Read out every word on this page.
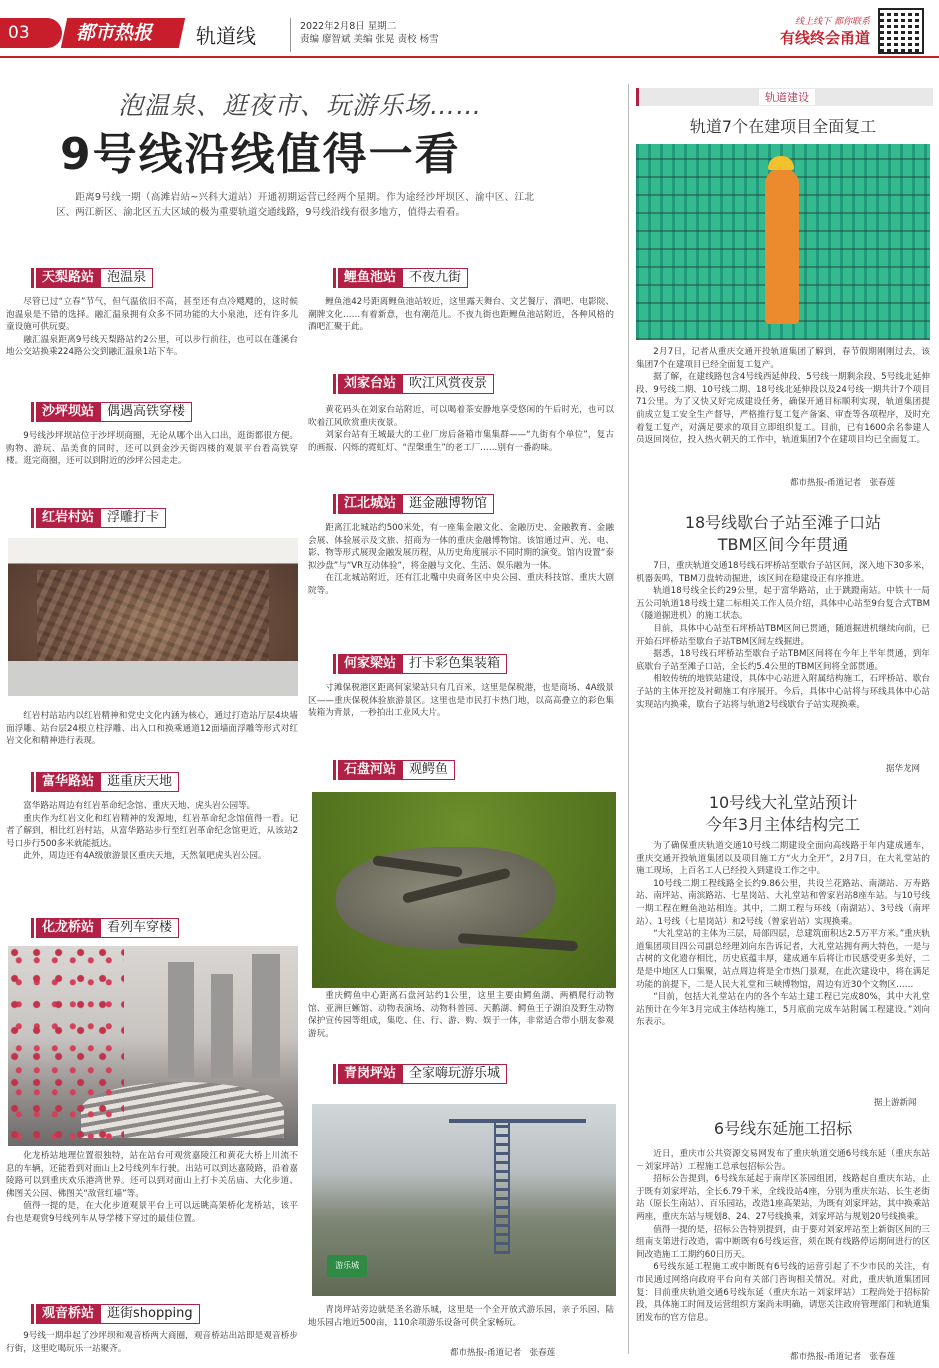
03	都市热报	轨道线	2022年2月8日 星期二
责编 廖智斌 美编 张晃 责校 杨雪
线上线下 都你联系
有线终会甬道
泡温泉、逛夜市、玩游乐场……
9号线沿线值得一看
距离9号线一期（高滩岩站~兴科大道站）开通初期运营已经两个星期。作为途经沙坪坝区、渝中区、江北区、两江新区、渝北区五大区域的极为重要轨道交通线路，9号线沿线有很多地方，值得去看看。
天梨路站	泡温泉

尽管已过“立春”节气，但气温依旧不高，甚至还有点冷飕飕的，这时候泡温泉是不错的选择。融汇温泉拥有众多不同功能的大小泉池，还有许多儿童设施可供玩耍。

融汇温泉距离9号线天梨路站约2公里，可以步行前往，也可以在蓬溪台地公交站换乘224路公交到融汇温泉1站下车。

沙坪坝站	偶遇高铁穿楼

9号线沙坪坝站位于沙坪坝商圈，无论从哪个出入口出，逛街都很方便。购物、游玩、品美食的同时，还可以到金沙天街四楼的观景平台看高铁穿楼。逛完商圈，还可以到附近的沙坪公园走走。

红岩村站	浮雕打卡

红岩村站站内以红岩精神和党史文化内涵为核心，通过打造站厅层4块墙面浮雕、站台层24根立柱浮雕、出入口和换乘通道12面墙面浮雕等形式对红岩文化和精神进行表现。

富华路站	逛重庆天地

富华路站周边有红岩革命纪念馆、重庆天地、虎头岩公园等。

重庆作为红岩文化和红岩精神的发源地，红岩革命纪念馆值得一看。记者了解到，相比红岩村站，从富华路站步行至红岩革命纪念馆更近，从该站2号口步行500多米就能抵达。

此外，周边还有4A级旅游景区重庆天地，天然氧吧虎头岩公园。

化龙桥站	看列车穿楼

化龙桥站地理位置很独特，站在站台可观赏嘉陵江和黄花大桥上川流不息的车辆，还能看到对面山上2号线列车行驶。出站可以到达嘉陵路，沿着嘉陵路可以到重庆欢乐港湾世界。还可以到对面山上打卡关岳庙、大化步道、佛图关公园、佛图关“敌营红墙”等。

值得一提的是，在大化步道观景平台上可以远眺高架桥化龙桥站，该平台也是观赏9号线列车从导学楼下穿过的最佳位置。

观音桥站	逛街shopping

9号线一期串起了沙坪坝和观音桥两大商圈，观音桥站出站即是观音桥步行街，这里吃喝玩乐一站聚齐。

鲤鱼池站	不夜九街

鲤鱼池42号距离鲤鱼池站较近，这里露天舞台、文艺餐厅、酒吧、电影院、潮牌文化……有着新意，也有潮范儿。不夜九街也距鲤鱼池站附近，各种风格的酒吧汇聚于此。

刘家台站	吹江风赏夜景

黄花码头在刘家台站附近，可以喝着茶安静地享受悠闲的午后时光，也可以吹着江风欣赏重庆夜景。

刘家台站有王城最大的工业厂房后备箱市集集群——“九街有个单位”，复古的画报、闪烁的霓虹灯、“涅槃重生”的老工厂……别有一番韵味。

江北城站	逛金融博物馆

距离江北城站约500米处，有一座集金融文化、金融历史、金融教育、金融会展、体验展示及文旅、招商为一体的重庆金融博物馆。该馆通过声、光、电、影、物等形式展现金融发展历程，从历史角度展示不同时期的演变。馆内设置“泰拟沙盘”与“VR互动体验”，将金融与文化、生活、娱乐融为一体。

在江北城站附近，还有江北嘴中央商务区中央公园、重庆科技馆、重庆大剧院等。

何家梁站	打卡彩色集装箱

寸滩保税港区距离何家梁站只有几百米，这里是保税港，也是商场、4A级景区——重庆保税体验旅游景区。这里也是市民打卡热门地，以高高叠立的彩色集装箱为背景，一秒拍出工业风大片。

石盘河站	观鳄鱼

重庆鳄鱼中心距离石盘河站约1公里，这里主要由鳄鱼湖、两栖爬行动物馆、亚洲巨蜥馆、动物表演场、动物科普园、天鹅湖、鳄鱼王子湖泊及野生动物保护宣传园等组成，集吃、住、行、游、购、娱于一体，非常适合带小朋友参观游玩。

青岗坪站	全家嗨玩游乐城
游乐城

青岗坪站旁边就是圣名游乐城，这里是一个全开放式游乐园，亲子乐园、陆地乐园占地近500亩，110余项游乐设备可供全家畅玩。

都市热报-甬道记者　张春莲
轨道建设
轨道7个在建项目全面复工

2月7日，记者从重庆交通开投轨道集团了解到，春节假期刚刚过去，该集团7个在建项目已经全面复工复产。

据了解，在建线路包含4号线西延伸段、5号线一期剩余段、5号线北延伸段、9号线二期、10号线二期、18号线北延伸段以及24号线一期共计7个项目71公里。为了又快又好完成建设任务，确保开通目标顺利实现，轨道集团提前成立复工安全生产督导，严格推行复工复产备案、审查等各项程序，及时充着复工复产，对满足要求的项目立即组织复工。目前，已有1600余名参建人员返回岗位，投入热火朝天的工作中，轨道集团7个在建项目均已全面复工。

都市热报-甬道记者　张春莲
18号线歇台子站至滩子口站
TBM区间今年贯通

7日，重庆轨道交通18号线石坪桥站至歇台子站区间，深入地下30多米，机器轰鸣，TBM刀盘转动掘进，该区间在稳建设正有序推进。

轨道18号线全长约29公里，起于富华路站，止于跳蹬南站。中铁十一局五公司轨道18号线土建二标相关工作人员介绍，具体中心站至9台复合式TBM（隧道掘进机）的施工状态。

目前，具体中心站至石坪桥站TBM区间已贯通，随道掘进机继续向前，已开始石坪桥站至歇台子站TBM区间左线掘进。

据悉，18号线石坪桥站至歇台子站TBM区间将在今年上半年贯通，到年底歇台子站至滩子口站，全长约5.4公里的TBM区间将全部贯通。

相较传统的地铁站建设，具体中心站进入附属结构施工，石坪桥站、歇台子站的主体开挖及衬砌施工有序展开。今后，具体中心站将与环线具体中心站实现站内换乘，歇台子站将与轨道2号线歇台子站实现换乘。

据华龙网
10号线大礼堂站预计
今年3月主体结构完工

为了确保重庆轨道交通10号线二期建设全面向高线路于年内建成通车，重庆交通开投轨道集团以及项目施工方“火力全开”，2月7日，在大礼堂站的施工现场，上百名工人已经投入到建设工作之中。

10号线二期工程线路全长约9.86公里，共设兰花路站、南湖站、万寿路站、南坪站、南滨路站、七星岗站、大礼堂站和曾家岩站8座车站。与10号线一期工程在鲤鱼池站相连。其中，二期工程与环线（南湖站）、3号线（南坪站）、1号线（七星岗站）和2号线（曾家岩站）实现换乘。

“大礼堂站的主体为三层，局部四层，总建筑面积达2.5万平方米。”重庆轨道集团项目四公司副总经理刘向东告诉记者，大礼堂站拥有两大特色，一是与古树的文化遗存相比，历史底蕴丰厚，建成通车后将让市民感受更多美好，二是是中地区人口集聚，站点周边将是全市热门景观，在此次建设中，将在满足功能的前提下，二是人民大礼堂和三峡博物馆，周边有近30个文物区……

“目前，包括大礼堂站在内的各个车站土建工程已完成80%，其中大礼堂站预计在今年3月完成主体结构施工，5月底前完成车站附属工程建设。”刘向东表示。

据上游新闻
6号线东延施工招标

近日，重庆市公共资源交易网发布了重庆轨道交通6号线东延（重庆东站－刘家坪站）工程施工总承包招标公告。

招标公告提到，6号线东延起于南岸区茶园组团，线路起自重庆东站，止于既有刘家坪站，全长6.79千米，全线设站4座，分别为重庆东站、长生老街站（原长生南站）、百乐园站，改造1座高架站，为既有刘家坪站，其中换乘站两座，重庆东站与规划8、24、27号线换乘，刘家坪站与规划20号线换乘。

值得一提的是，招标公告特别提到，由于要对刘家坪站至上新街区间的三组南支第进行改造，需中断既有6号线运营，须在既有线路停运期间进行的区间改造施工工期约60日历天。

6号线东延工程施工或中断既有6号线的运营引起了不少市民的关注，有市民通过网络向政府平台向有关部门咨询相关情况。对此，重庆轨道集团回复：目前重庆轨道交通6号线东延（重庆东站－刘家坪站）工程尚处于招标阶段，具体施工时间及运营组织方案尚未明确，请您关注政府管理部门和轨道集团发布的官方信息。

都市热报-甬道记者　张春莲
